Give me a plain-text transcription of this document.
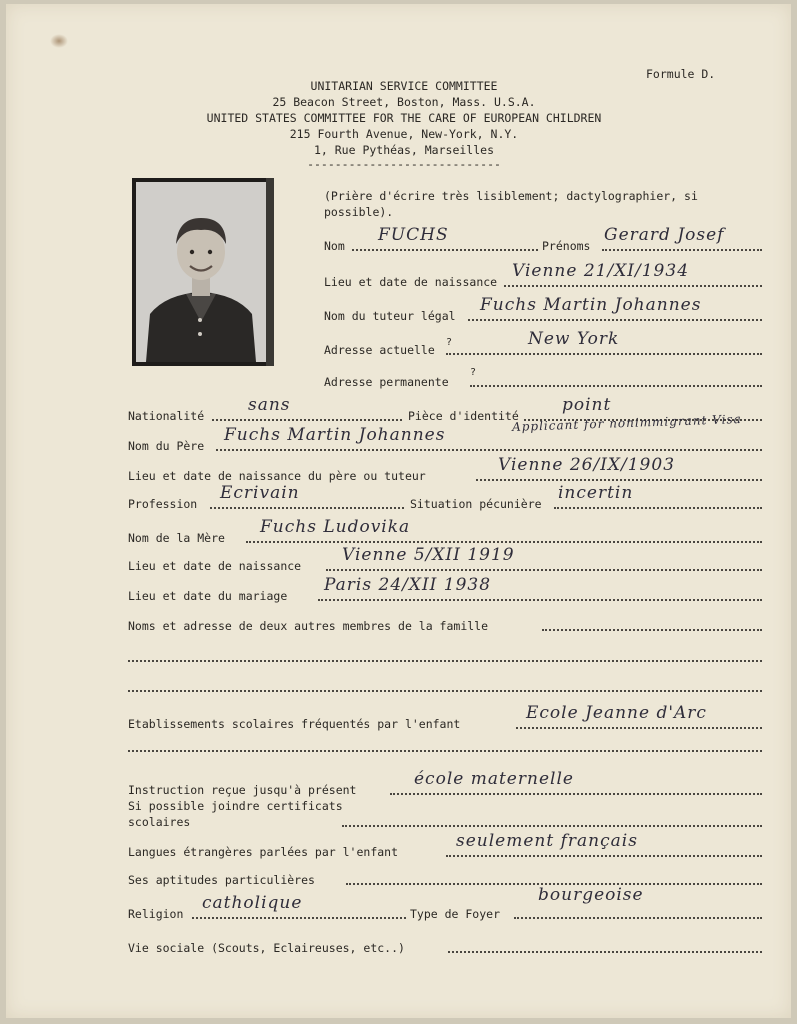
Formule D.
UNITARIAN SERVICE COMMITTEE
25 Beacon Street, Boston, Mass. U.S.A.
UNITED STATES COMMITTEE FOR THE CARE OF EUROPEAN CHILDREN
215 Fourth Avenue, New-York, N.Y.
1, Rue Pythéas, Marseilles
----------------------------
(Prière d'écrire très lisiblement; dactylographier, si
possible).
Nom
FUCHS
Prénoms
Gerard Josef
Lieu et date de naissance
Vienne 21/XI/1934
Nom du tuteur légal
Fuchs Martin Johannes
Adresse actuelle
?	New York
Adresse permanente
?
Nationalité
sans
Pièce d'identité
point
Applicant for nonimmigrant Visa
Nom du Père
Fuchs Martin Johannes
Lieu et date de naissance du père ou tuteur
Vienne 26/IX/1903
Profession
Ecrivain
Situation pécunière
incertin
Nom de la Mère
Fuchs Ludovika
Lieu et date de naissance
Vienne 5/XII 1919
Lieu et date du mariage
Paris 24/XII 1938
Noms et adresse de deux autres membres de la famille
Etablissements scolaires fréquentés par l'enfant
Ecole Jeanne d'Arc
Instruction reçue jusqu'à présent
école maternelle
Si possible joindre certificats
scolaires
Langues étrangères parlées par l'enfant
seulement français
Ses aptitudes particulières
Religion
catholique
Type de Foyer
bourgeoise
Vie sociale (Scouts, Eclaireuses, etc..)
